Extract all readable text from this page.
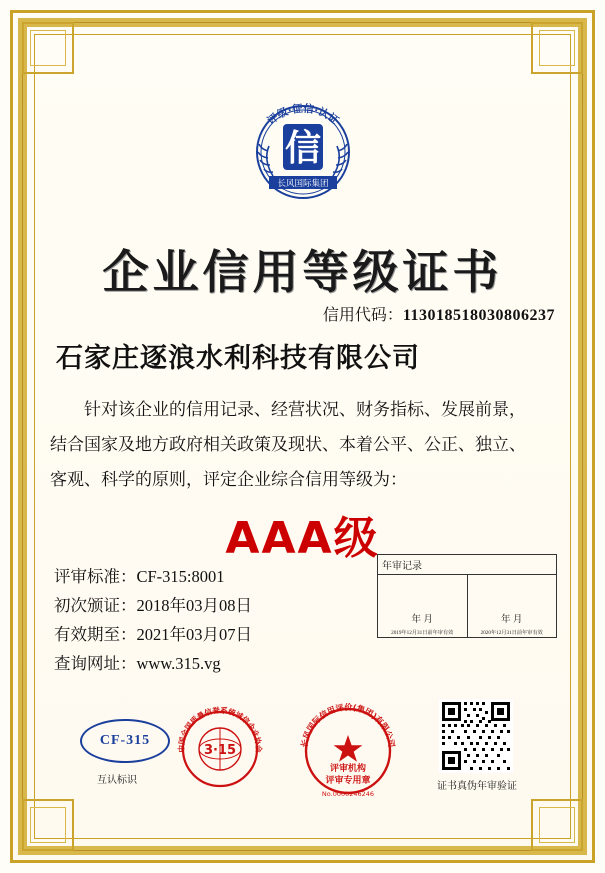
信
评级·征信·认证
长风国际集团
企业信用等级证书
信用代码：113018518030806237
石家庄逐浪水利科技有限公司

针对该企业的信用记录、经营状况、财务指标、发展前景，

结合国家及地方政府相关政策及现状、本着公平、公正、独立、

客观、科学的原则，评定企业综合信用等级为：

AAA级
评审标准：CF-315:8001
初次颁证：2018年03月08日
有效期至：2021年03月07日
查询网址：www.315.vg
年审记录
年 月
2019年12月31日前年审有效
年 月
2020年12月31日前年审有效
CF-315
互认标识
3·15
中国全国质量信誉系统诚信企业协会
长风国际信用评价(集团)有限公司
评审机构
评审专用章
No.0000246246
证书真伪年审验证
